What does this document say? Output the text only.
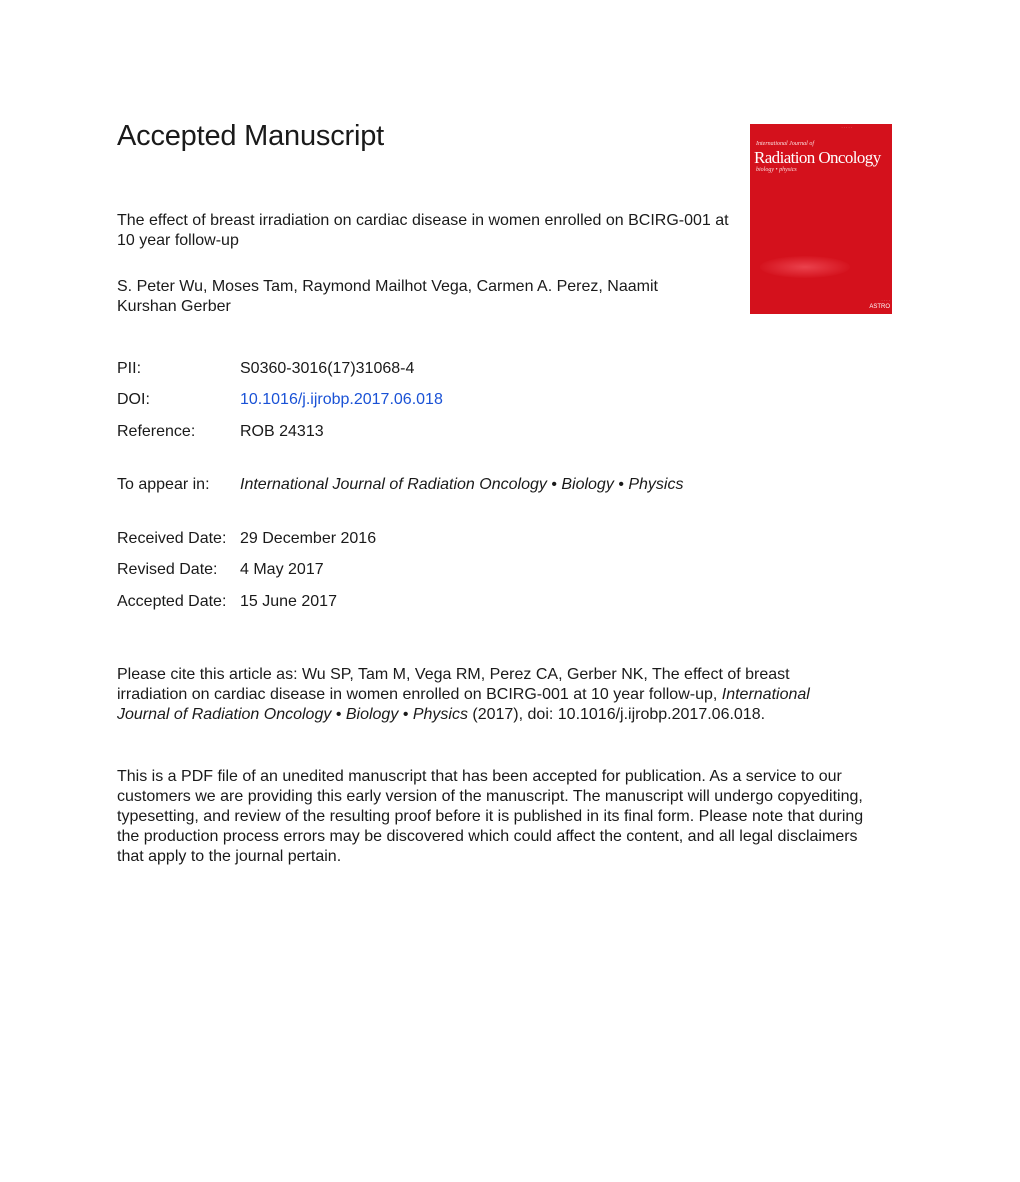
Accepted Manuscript

The effect of breast irradiation on cardiac disease in women enrolled on BCIRG-001 at 10 year follow-up

S. Peter Wu, Moses Tam, Raymond Mailhot Vega, Carmen A. Perez, Naamit Kurshan Gerber

· · · · ·
International Journal of
Radiation Oncology
biology • physics
· · · ·
ASTRO
PII:	S0360-3016(17)31068-4
DOI:	10.1016/j.ijrobp.2017.06.018
Reference:	ROB 24313
To appear in: International Journal of Radiation Oncology • Biology • Physics
Received Date: 29 December 2016
Revised Date: 4 May 2017
Accepted Date: 15 June 2017

Please cite this article as: Wu SP, Tam M, Vega RM, Perez CA, Gerber NK, The effect of breast irradiation on cardiac disease in women enrolled on BCIRG-001 at 10 year follow-up, International Journal of Radiation Oncology • Biology • Physics (2017), doi: 10.1016/j.ijrobp.2017.06.018.

This is a PDF file of an unedited manuscript that has been accepted for publication. As a service to our customers we are providing this early version of the manuscript. The manuscript will undergo copyediting, typesetting, and review of the resulting proof before it is published in its final form. Please note that during the production process errors may be discovered which could affect the content, and all legal disclaimers that apply to the journal pertain.
